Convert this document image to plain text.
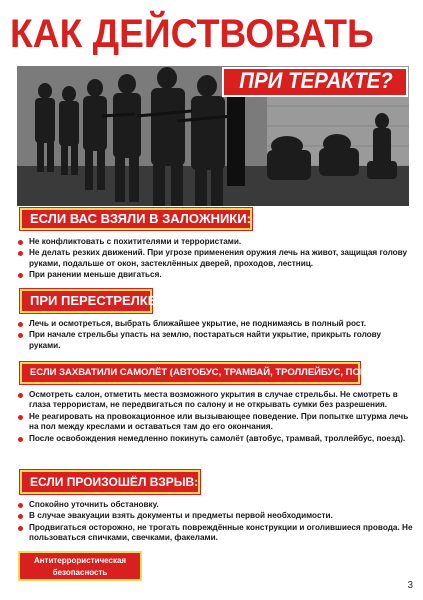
КАК ДЕЙСТВОВАТЬ
ПРИ ТЕРАКТЕ?
ЕСЛИ ВАС ВЗЯЛИ В ЗАЛОЖНИКИ:
Не конфликтовать с похитителями и террористами.
Не делать резких движений. При угрозе применения оружия лечь на живот, защищая голову руками, подальше от окон, застеклённых дверей, проходов, лестниц.
При ранении меньше двигаться.
ПРИ ПЕРЕСТРЕЛКЕ:
Лечь и осмотреться, выбрать ближайшее укрытие, не поднимаясь в полный рост.
При начале стрельбы упасть на землю, постараться найти укрытие, прикрыть голову руками.
ЕСЛИ ЗАХВАТИЛИ САМОЛЁТ (АВТОБУС, ТРАМВАЙ, ТРОЛЛЕЙБУС, ПОЕЗД):
Осмотреть салон, отметить места возможного укрытия в случае стрельбы. Не смотреть в глаза террористам, не передвигаться по салону и не открывать сумки без разрешения.
Не реагировать на провокационное или вызывающее поведение. При попытке штурма лечь на пол между креслами и оставаться там до его окончания.
После освобождения немедленно покинуть самолёт (автобус, трамвай, троллейбус, поезд).
ЕСЛИ ПРОИЗОШЁЛ ВЗРЫВ:
Спокойно уточнить обстановку.
В случае эвакуации взять документы и предметы первой необходимости.
Продвигаться осторожно, не трогать повреждённые конструкции и оголившиеся провода. Не пользоваться спичками, свечками, факелами.
Антитеррористическая
безопасность
3
